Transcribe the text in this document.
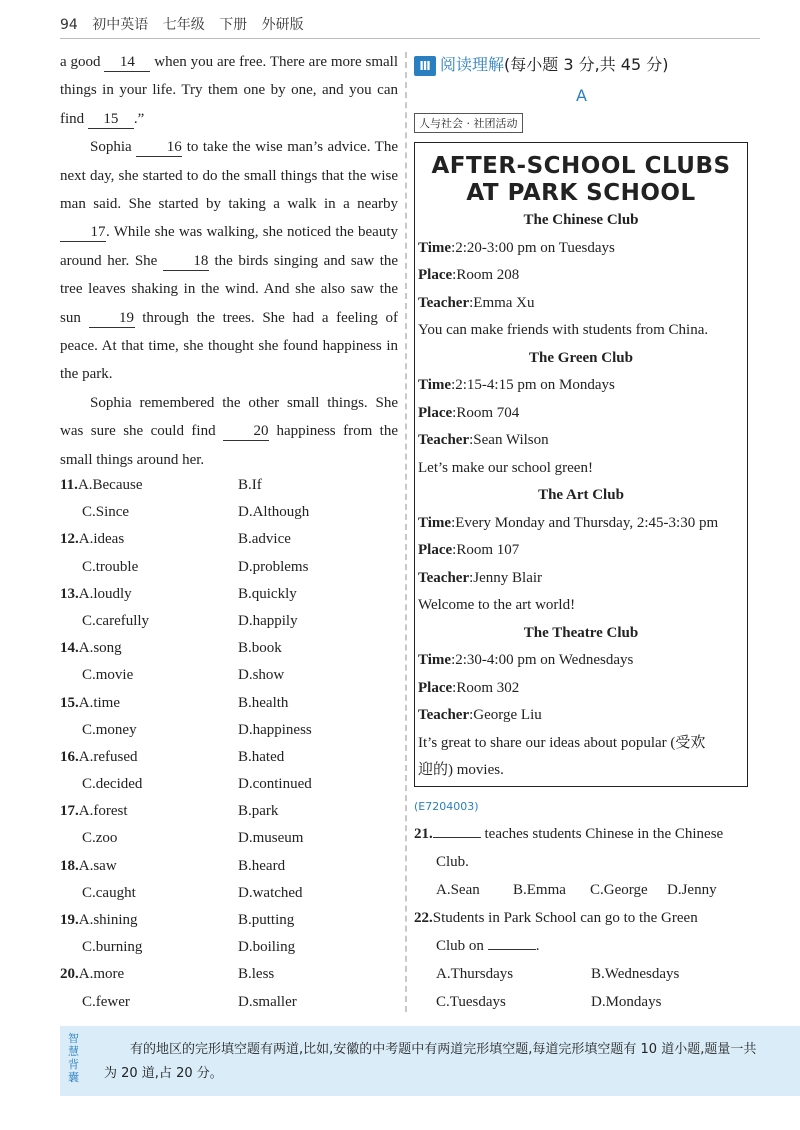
94 初中英语 七年级 下册 外研版

a good 14 when you are free. There are more small things in your life. Try them one by one, and you can find 15 .”

Sophia 16 to take the wise man’s advice. The next day, she started to do the small things that the wise man said. She started by taking a walk in a nearby 17. While she was walking, she noticed the beauty around her. She 18 the birds singing and saw the tree leaves shaking in the wind. And she also saw the sun	19 through the trees. She had a feeling of peace. At that time, she thought she found happiness in the park.

Sophia remembered the other small things. She was sure she could find	20 happiness from the small things around her.

11.A.Because	B.If
C.Since	D.Although
12.A.ideas	B.advice
C.trouble	D.problems
13.A.loudly	B.quickly
C.carefully	D.happily
14.A.song	B.book
C.movie	D.show
15.A.time	B.health
C.money	D.happiness
16.A.refused	B.hated
C.decided	D.continued
17.A.forest	B.park
C.zoo	D.museum
18.A.saw	B.heard
C.caught	D.watched
19.A.shining	B.putting
C.burning	D.boiling
20.A.more	B.less
C.fewer	D.smaller
Ⅲ 阅读理解(每小题 3 分,共 45 分)
A
人与社会 · 社团活动
AFTER-SCHOOL CLUBS
AT PARK SCHOOL
The Chinese Club
Time:2:20-3:00 pm on Tuesdays
Place:Room 208
Teacher:Emma Xu
You can make friends with students from China.
The Green Club
Time:2:15-4:15 pm on Mondays
Place:Room 704
Teacher:Sean Wilson
Let’s make our school green!
The Art Club
Time:Every Monday and Thursday, 2:45-3:30 pm
Place:Room 107
Teacher:Jenny Blair
Welcome to the art world!
The Theatre Club
Time:2:30-4:00 pm on Wednesdays
Place:Room 302
Teacher:George Liu
It’s great to share our ideas about popular (受欢
迎的) movies.
(E7204003)
21.	teaches students Chinese in the Chinese
Club.
A.Sean B.Emma C.George D.Jenny
22.Students in Park School can go to the Green
Club on	.
A.Thursdays	B.Wednesdays
C.Tuesdays	D.Mondays
智慧背囊
有的地区的完形填空题有两道,比如,安徽的中考题中有两道完形填空题,每道完形填空题有 10 道小题,题量一共为 20 道,占 20 分。
